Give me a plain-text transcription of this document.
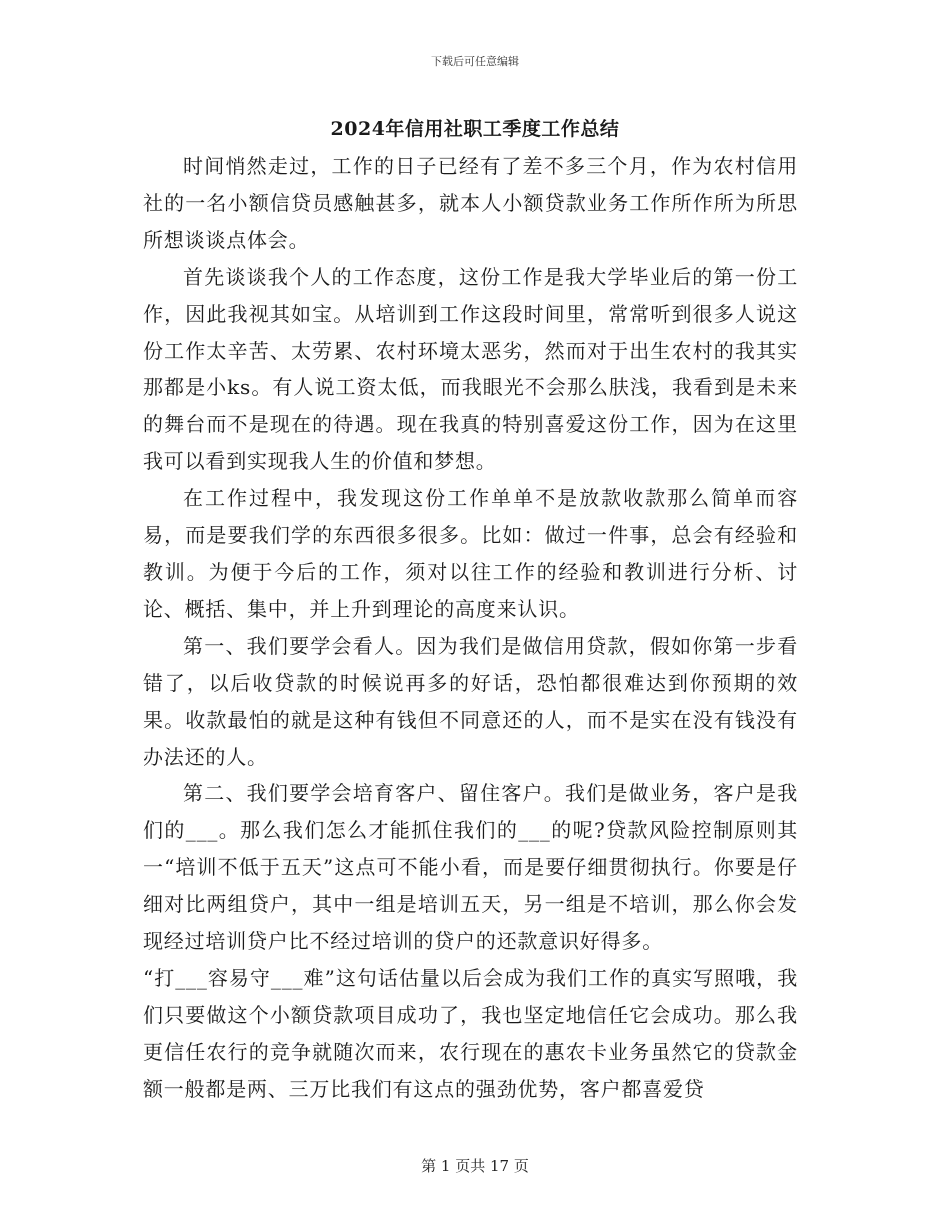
下载后可任意编辑
2024年信用社职工季度工作总结

时间悄然走过，工作的日子已经有了差不多三个月，作为农村信用社的一名小额信贷员感触甚多，就本人小额贷款业务工作所作所为所思所想谈谈点体会。

首先谈谈我个人的工作态度，这份工作是我大学毕业后的第一份工作，因此我视其如宝。从培训到工作这段时间里，常常听到很多人说这份工作太辛苦、太劳累、农村环境太恶劣，然而对于出生农村的我其实那都是小ks。有人说工资太低，而我眼光不会那么肤浅，我看到是未来的舞台而不是现在的待遇。现在我真的特别喜爱这份工作，因为在这里我可以看到实现我人生的价值和梦想。

在工作过程中，我发现这份工作单单不是放款收款那么简单而容易，而是要我们学的东西很多很多。比如：做过一件事，总会有经验和教训。为便于今后的工作，须对以往工作的经验和教训进行分析、讨论、概括、集中，并上升到理论的高度来认识。

第一、我们要学会看人。因为我们是做信用贷款，假如你第一步看错了，以后收贷款的时候说再多的好话，恐怕都很难达到你预期的效果。收款最怕的就是这种有钱但不同意还的人，而不是实在没有钱没有办法还的人。

第二、我们要学会培育客户、留住客户。我们是做业务，客户是我们的___。那么我们怎么才能抓住我们的___的呢?贷款风险控制原则其一“培训不低于五天”这点可不能小看，而是要仔细贯彻执行。你要是仔细对比两组贷户，其中一组是培训五天，另一组是不培训，那么你会发现经过培训贷户比不经过培训的贷户的还款意识好得多。

“打___容易守___难”这句话估量以后会成为我们工作的真实写照哦，我们只要做这个小额贷款项目成功了，我也坚定地信任它会成功。那么我更信任农行的竞争就随次而来，农行现在的惠农卡业务虽然它的贷款金额一般都是两、三万比我们有这点的强劲优势，客户都喜爱贷

第 1 页共 17 页
